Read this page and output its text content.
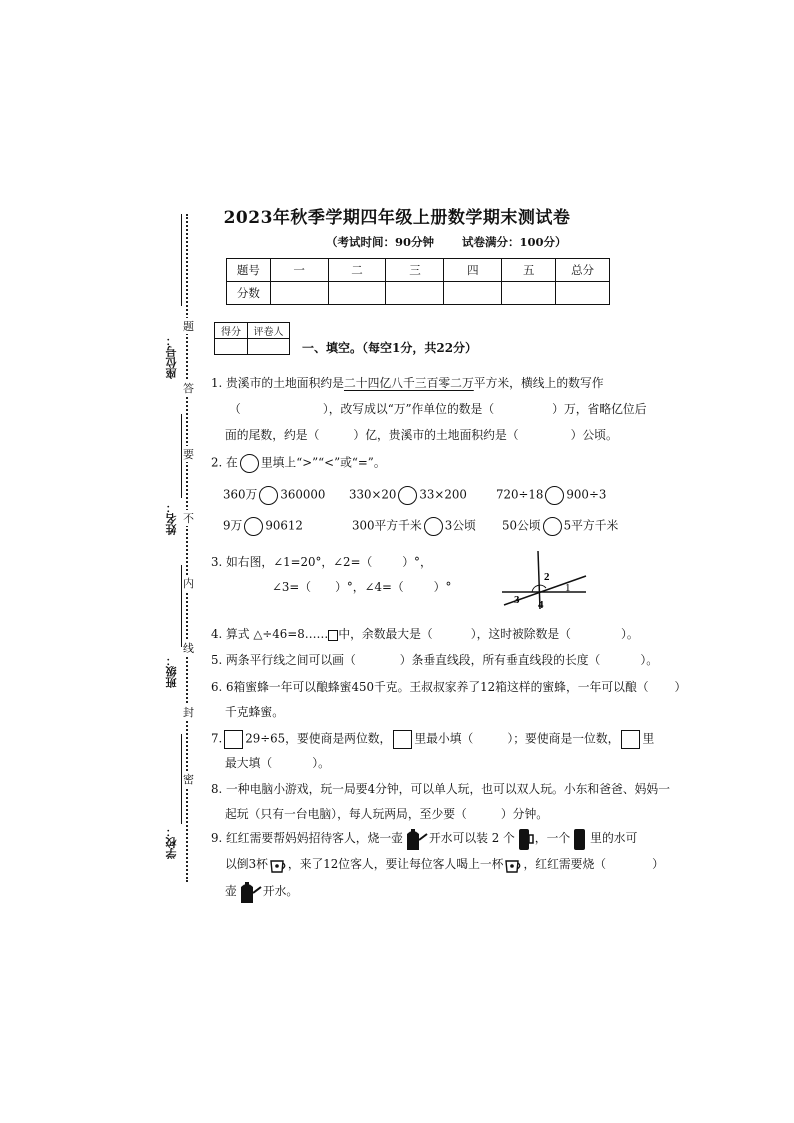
座位号：
姓名：
班级：
学校：
题
答
要
不
内
线
封
密
2023年秋季学期四年级上册数学期末测试卷
（考试时间：90分钟 试卷满分：100分）
题号	一	二	三	四	五	总分
分数						
得分	评卷人

一、填空。（每空1分，共22分）
1. 贵溪市的土地面积约是二十四亿八千三百零二万平方米，横线上的数写作
（	），改写成以“万”作单位的数是（	）万，省略亿位后
面的尾数，约是（	）亿，贵溪市的土地面积约是（	）公顷。
2. 在 里填上“>”“<”或“=”。
360万 360000 330×20 33×200 720÷18 900÷3
9万 90612	300平方千米 3公顷 50公顷 5平方千米
3. 如右图，∠1=20°，∠2=（	）°，
∠3=（ ）°，∠4=（	）°
2
1
3 4
4. 算式 △÷46=8…… 中，余数最大是（	），这时被除数是（	）。
5. 两条平行线之间可以画（	）条垂直线段，所有垂直线段的长度（	）。
6. 6箱蜜蜂一年可以酿蜂蜜450千克。王叔叔家养了12箱这样的蜜蜂，一年可以酿（ ）
千克蜂蜜。
7. 29÷65，要使商是两位数， 里最小填（	）；要使商是一位数， 里
最大填（	）。
8. 一种电脑小游戏，玩一局要4分钟，可以单人玩，也可以双人玩。小东和爸爸、妈妈一
起玩（只有一台电脑），每人玩两局，至少要（	）分钟。
9. 红红需要帮妈妈招待客人，烧一壶 开水可以装 2 个 ，一个 里的水可
以倒3杯 ，来了12位客人，要让每位客人喝上一杯 ，红红需要烧（	）
壶 开水。
